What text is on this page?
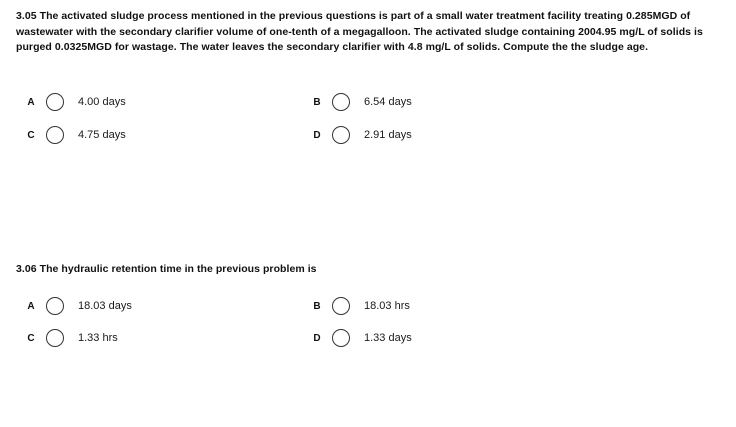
3.05 The activated sludge process mentioned in the previous questions is part of a small water treatment facility treating 0.285MGD of wastewater with the secondary clarifier volume of one-tenth of a megagalloon. The activated sludge containing 2004.95 mg/L of solids is purged 0.0325MGD for wastage. The water leaves the secondary clarifier with 4.8 mg/L of solids. Compute the the sludge age.
A	4.00 days	B	6.54 days
C	4.75 days	D	2.91 days
3.06 The hydraulic retention time in the previous problem is
A	18.03 days	B	18.03 hrs
C	1.33 hrs	D	1.33 days
